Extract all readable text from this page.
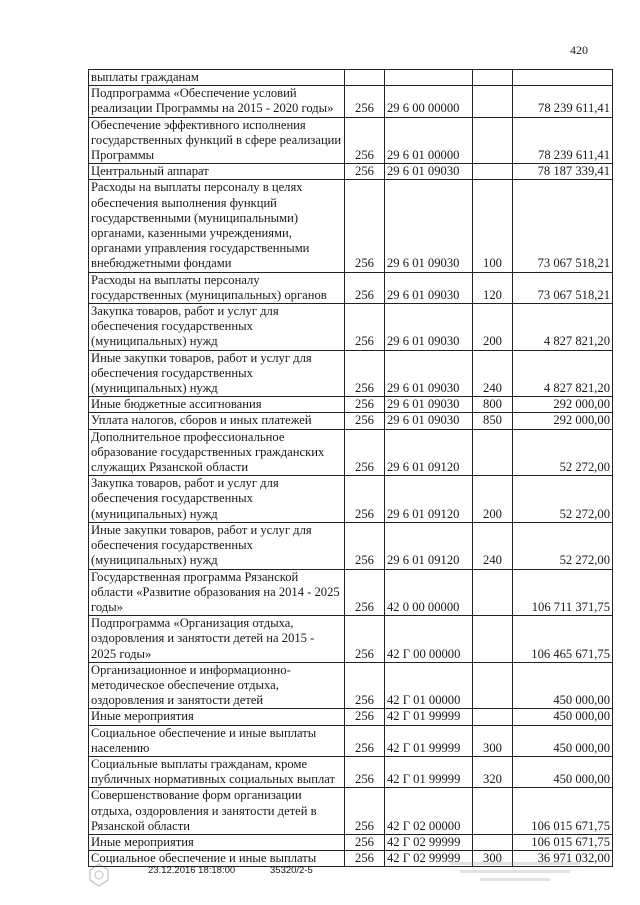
420
выплаты гражданам				
Подпрограмма «Обеспечение условий реализации Программы на 2015 - 2020 годы»	256	29 6 00 00000		78 239 611,41
Обеспечение эффективного исполнения государственных функций в сфере реализации Программы	256	29 6 01 00000		78 239 611,41
Центральный аппарат	256	29 6 01 09030		78 187 339,41
Расходы на выплаты персоналу в целях обеспечения выполнения функций государственными (муниципальными) органами, казенными учреждениями, органами управления государственными внебюджетными фондами	256	29 6 01 09030	100	73 067 518,21
Расходы на выплаты персоналу государственных (муниципальных) органов	256	29 6 01 09030	120	73 067 518,21
Закупка товаров, работ и услуг для обеспечения государственных (муниципальных) нужд	256	29 6 01 09030	200	4 827 821,20
Иные закупки товаров, работ и услуг для обеспечения государственных (муниципальных) нужд	256	29 6 01 09030	240	4 827 821,20
Иные бюджетные ассигнования	256	29 6 01 09030	800	292 000,00
Уплата налогов, сборов и иных платежей	256	29 6 01 09030	850	292 000,00
Дополнительное профессиональное образование государственных гражданских служащих Рязанской области	256	29 6 01 09120		52 272,00
Закупка товаров, работ и услуг для обеспечения государственных (муниципальных) нужд	256	29 6 01 09120	200	52 272,00
Иные закупки товаров, работ и услуг для обеспечения государственных (муниципальных) нужд	256	29 6 01 09120	240	52 272,00
Государственная программа Рязанской области «Развитие образования на 2014 - 2025 годы»	256	42 0 00 00000		106 711 371,75
Подпрограмма «Организация отдыха, оздоровления и занятости детей на 2015 - 2025 годы»	256	42 Г 00 00000		106 465 671,75
Организационное и информационно-методическое обеспечение отдыха, оздоровления и занятости детей	256	42 Г 01 00000		450 000,00
Иные мероприятия	256	42 Г 01 99999		450 000,00
Социальное обеспечение и иные выплаты населению	256	42 Г 01 99999	300	450 000,00
Социальные выплаты гражданам, кроме публичных нормативных социальных выплат	256	42 Г 01 99999	320	450 000,00
Совершенствование форм организации отдыха, оздоровления и занятости детей в Рязанской области	256	42 Г 02 00000		106 015 671,75
Иные мероприятия	256	42 Г 02 99999		106 015 671,75
Социальное обеспечение и иные выплаты	256	42 Г 02 99999	300	36 971 032,00
23.12.2016 18:18:00	35320/2-5
